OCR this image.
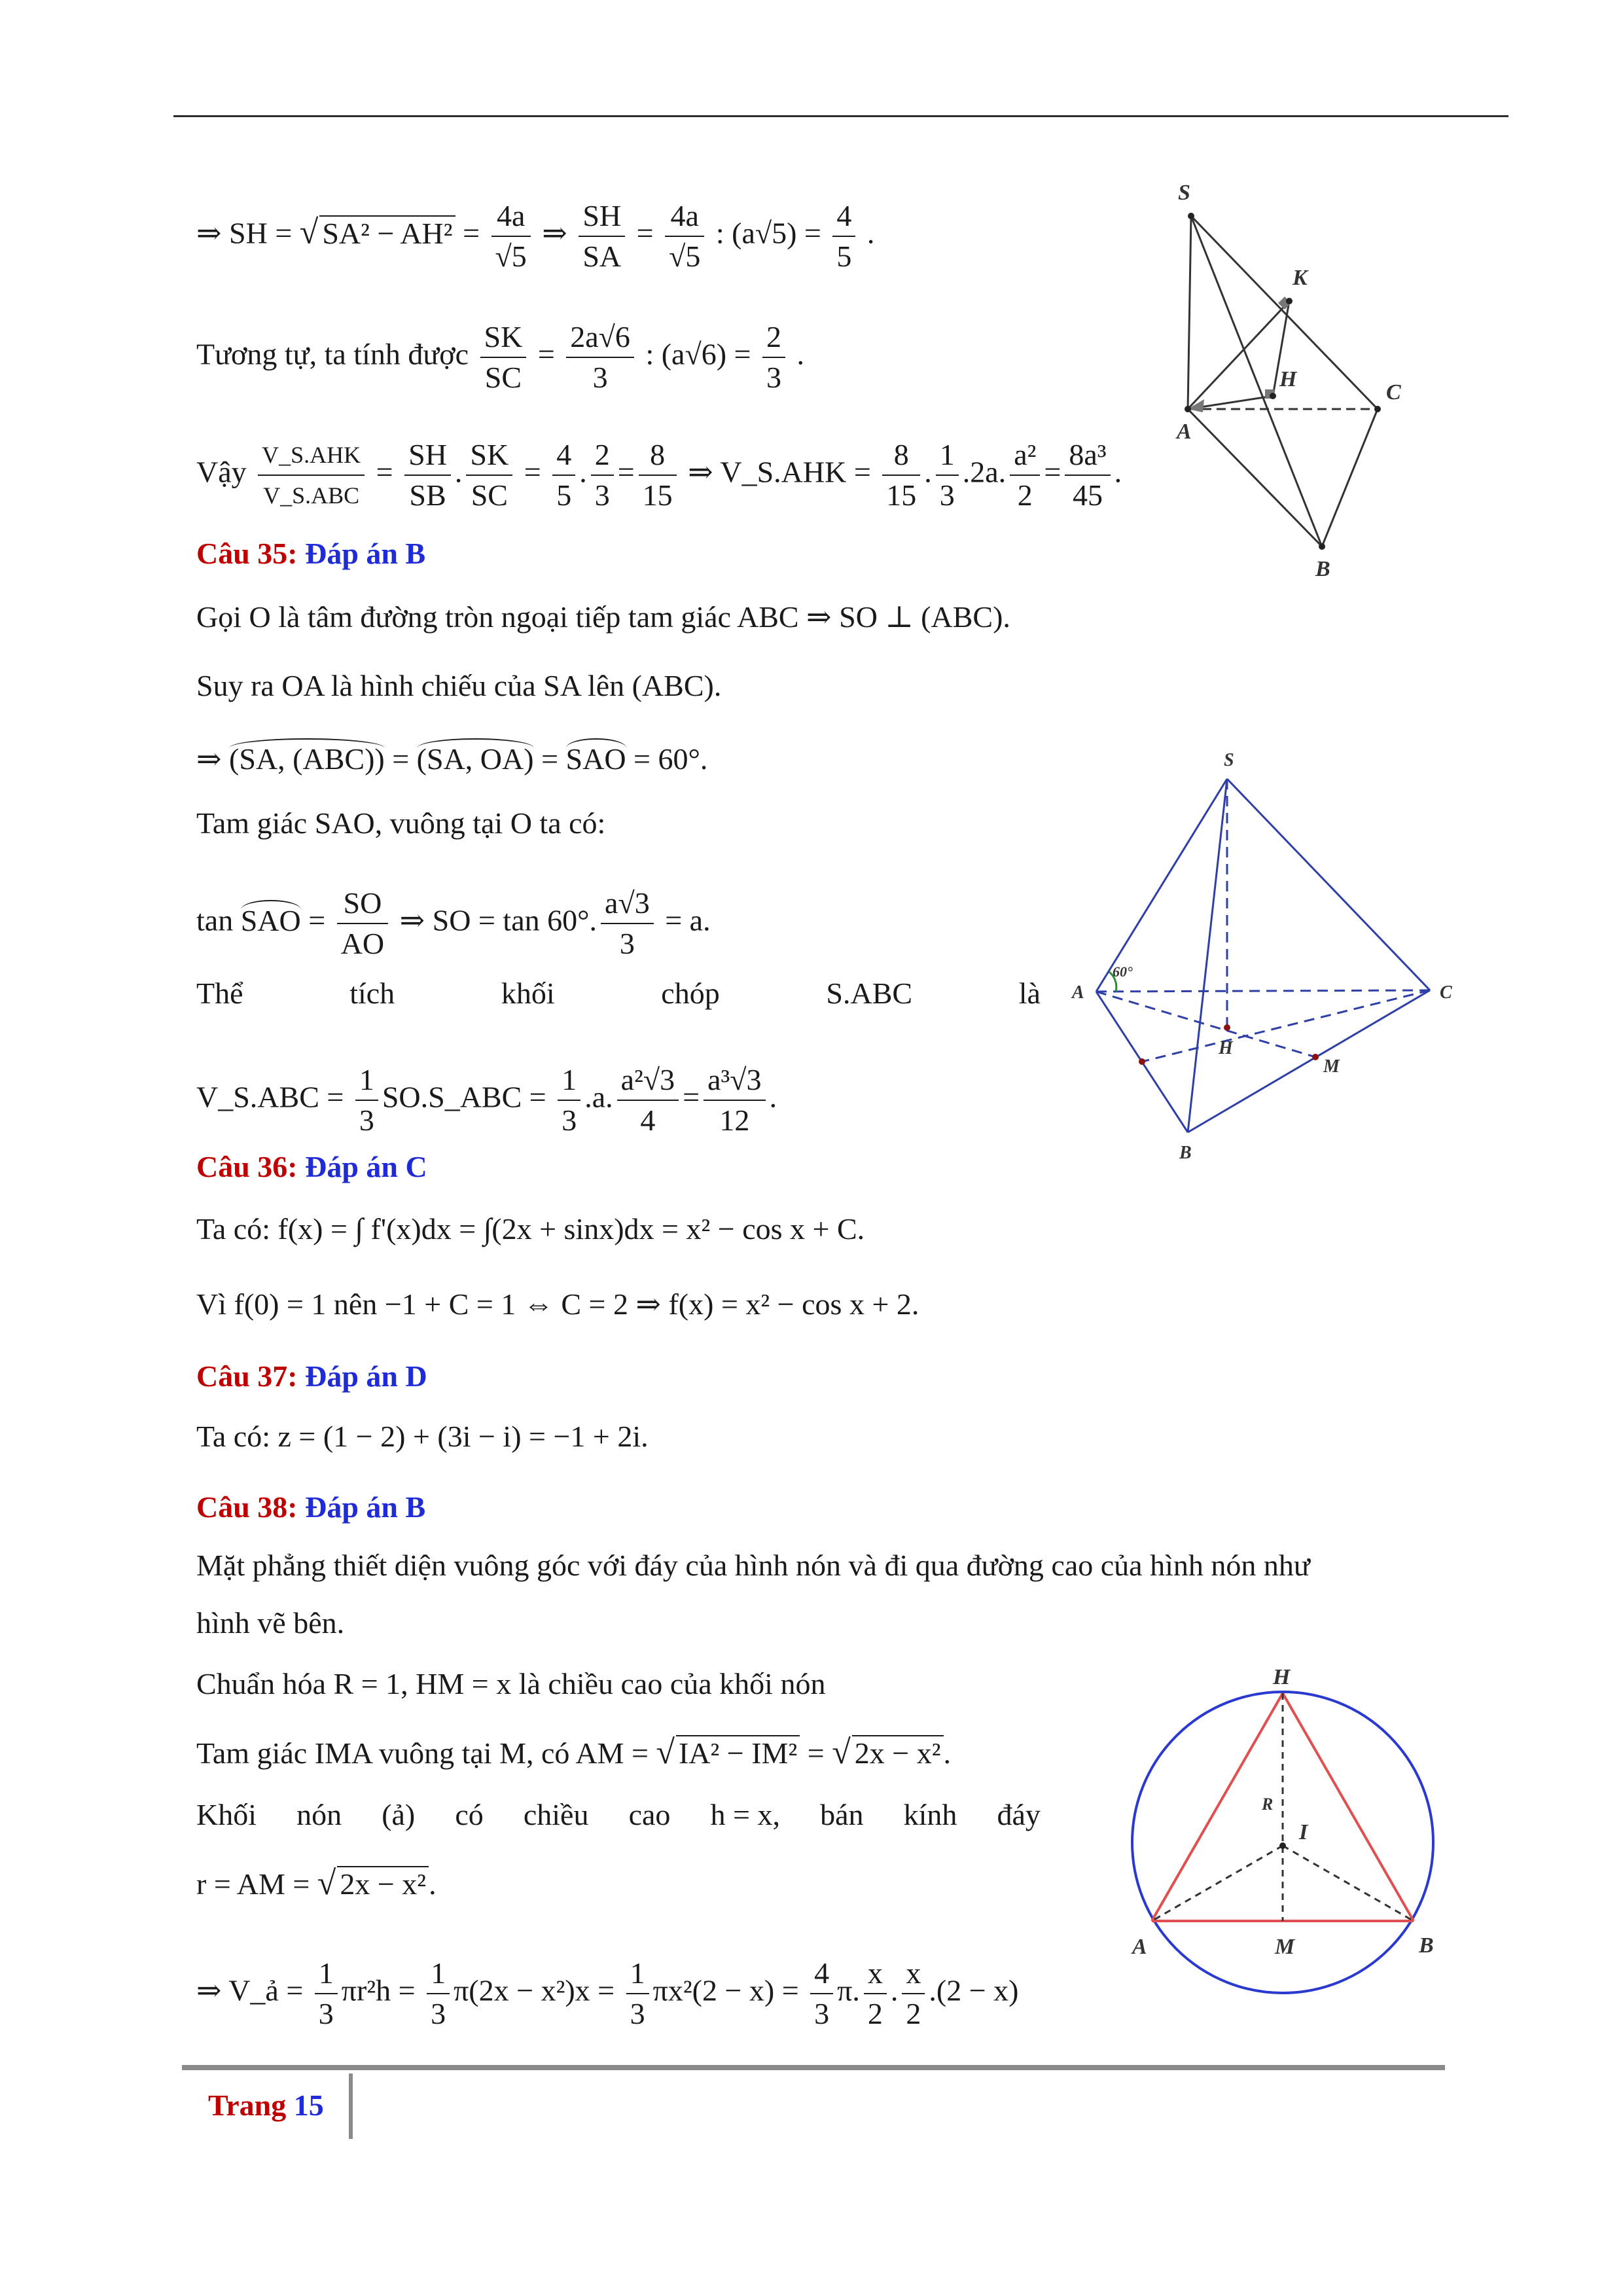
⇒ SH = √ $SA^2 - AH^2 = \frac{4a}{√5}$ ⇒ $\frac{SH}{SA} = \frac{4a}{√5}$ : $(a√5) = \frac{4}{5}$ .
Tương tự, ta tính được $\frac{SK}{SC} = \frac{2a√6}{3}$ : $(a√6) = \frac{2}{3}$ .
Vậy $\frac{\text{V\_S.AHK}}{\text{V\_S.ABC}} = \frac{SH}{SB}$ . $\frac{SK}{SC} = \frac{4}{5}$ . $\frac{2}{3} = \frac{8}{15}$ ⇒ V_S.AHK = $\frac{8}{15}$ . $\frac{1}{3} .2a$. $\frac{\text{a²}}{2} = \frac{\text{8a³}}{45}$ .
Câu 35: Đáp án B
Gọi O là tâm đường tròn ngoại tiếp tam giác ABC ⇒ SO ⊥ (ABC).
Suy ra OA là hình chiếu của SA lên (ABC).
⇒ (SA, (ABC)) = (SA, OA) = SAO = 60°.
Tam giác SAO, vuông tại O ta có:
tan SAO = $\frac{SO}{AO}$ ⇒ SO = tan 60°. $\frac{a√3}{3} = a$.
Thể	tích	khối	chóp	S.ABC	là
V_S.ABC = $\frac{1}{3}$ SO.S_ABC = $\frac{1}{3} .a$. $\frac{\text{a²√3}}{4} = \frac{\text{a³√3}}{12}$ .
Câu 36: Đáp án C
Ta có: f(x) = ∫ f'(x)dx = ∫(2x + sinx)dx = x² − cos x + C.
Vì f(0) = 1 nên −1 + C = 1 ⇔ C = 2 ⇒ f(x) = x² − cos x + 2.
Câu 37: Đáp án D
Ta có: z = (1 − 2) + (3i − i) = −1 + 2i.
Câu 38: Đáp án B
Mặt phẳng thiết diện vuông góc với đáy của hình nón và đi qua đường cao của hình nón như
hình vẽ bên.
Chuẩn hóa R = 1, HM = x là chiều cao của khối nón
Tam giác IMA vuông tại M, có AM = √ IA² − IM² = √ 2x − x².
Khối nón (ả) có chiều cao h = x, bán kính đáy
r = AM = √ 2x − x².
⇒ V_ả = $\frac{1}{3} \pi r^2h = \frac{1}{3} \pi(2x - x^2)x = \frac{1}{3} \pi x^2(2 - x) = \frac{4}{3} \pi$. $\frac{x}{2}$ . $\frac{x}{2} .(2 - x)$
S
K
H
C
A
B
S
A	C
H
M
B
60°
H
R
I
A	M	B
Trang 15
